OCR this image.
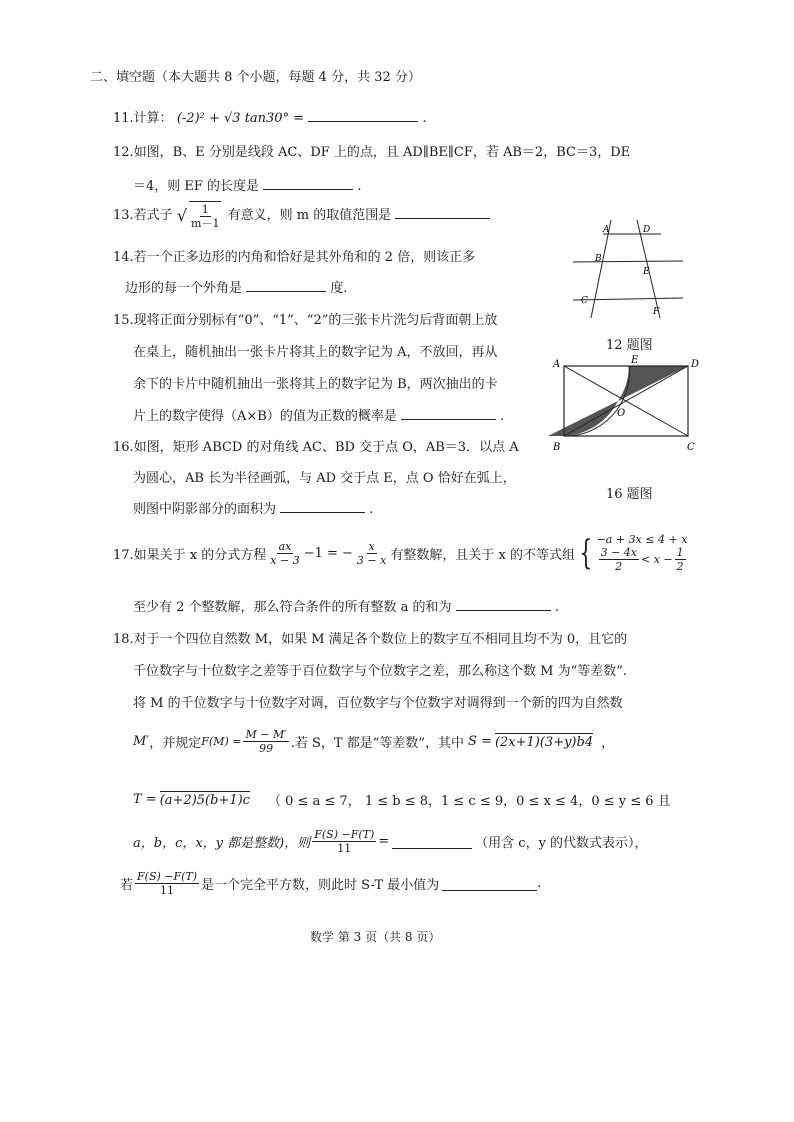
二、填空题（本大题共 8 个小题，每题 4 分，共 32 分）
11.计算： (-2)² + √3 tan30° =	.
12.如图，B、E 分别是线段 AC、DF 上的点，且 AD∥BE∥CF，若 AB＝2，BC＝3，DE
＝4，则 EF 的长度是	.
13.若式子 √ $\frac{1}{m-1}$ 有意义，则 m 的取值范围是
14.若一个正多边形的内角和恰好是其外角和的 2 倍，则该正多
边形的每一个外角是	度.
A	D
B
E
C
F
12 题图
15.现将正面分别标有“0”、“1”、“2”的三张卡片洗匀后背面朝上放
在桌上，随机抽出一张卡片将其上的数字记为 A，不放回，再从
余下的卡片中随机抽出一张将其上的数字记为 B，两次抽出的卡
片上的数字使得（A×B）的值为正数的概率是	.
A	E	D
O
B	C
16 题图
16.如图，矩形 ABCD 的对角线 AC、BD 交于点 O，AB＝3．以点 A
为圆心，AB 长为半径画弧，与 AD 交于点 E，点 O 恰好在弧上，
则图中阴影部分的面积为	.
17.如果关于 x 的分式方程 $\frac{ax}{x - 3} -1$ = − $\frac{x}{3 - x}$ 有整数解，且关于 x 的不等式组 { −a + 3x ≤ 4 + x
$\frac{3 - 4x}{2} < x - \frac{1}{2}$
至少有 2 个整数解，那么符合条件的所有整数 a 的和为	.
18.对于一个四位自然数 M，如果 M 满足各个数位上的数字互不相同且均不为 0，且它的
千位数字与十位数字之差等于百位数字与个位数字之差，那么称这个数 M 为“等差数”.
将 M 的千位数字与十位数字对调，百位数字与个位数字对调得到一个新的四为自然数
M′ ，并规定 $F(M) = \frac{M - M'}{99}$ .若 S，T 都是“等差数”，其中 S = (2x+1)(3+y)b4 ，
T = (a+2)5(b+1)c （ 0 ≤ a ≤ 7， 1 ≤ b ≤ 8，1 ≤ c ≤ 9，0 ≤ x ≤ 4，0 ≤ y ≤ 6 且
a，b，c，x，y 都是整数)，则 $\frac{F(S) -F(T)}{11}$ =	（用含 c，y 的代数式表示），
若 $\frac{F(S) -F(T)}{11}$ 是一个完全平方数，则此时 S-T 最小值为	.
数学 第 3 页（共 8 页）
